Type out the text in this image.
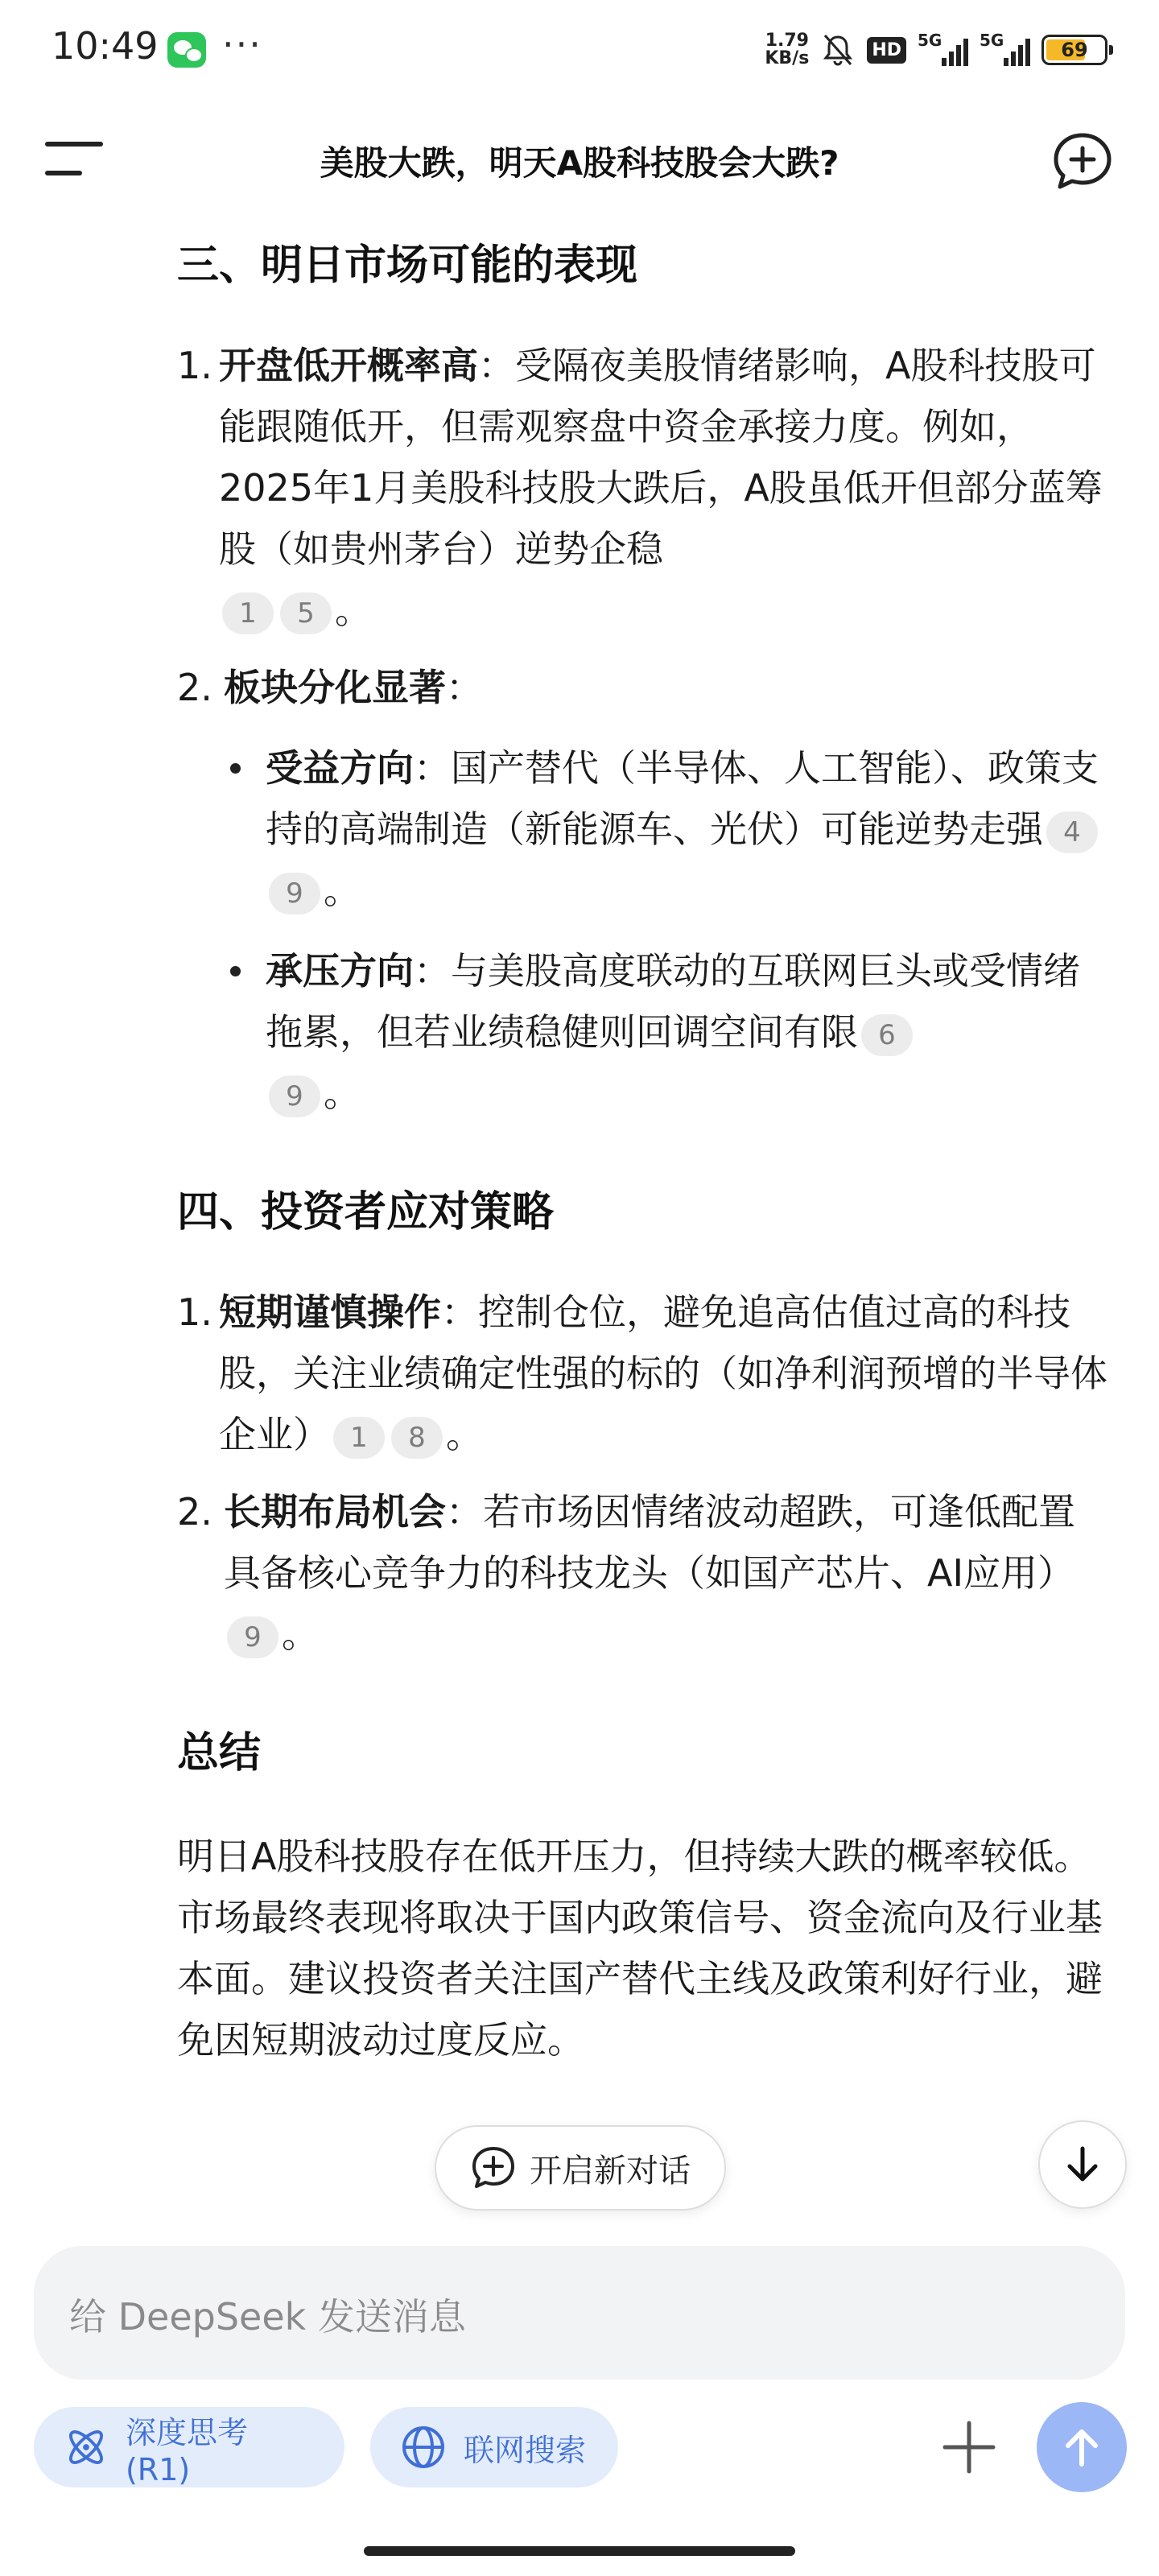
10:49 ···	1.79
KB/s	HD	5G 5G	69
美股大跌，明天A股科技股会大跌?
三、明日市场可能的表现
1. 开盘低开概率高：受隔夜美股情绪影响，A股科技股可能跟随低开，但需观察盘中资金承接力度。例如，2025年1月美股科技股大跌后，A股虽低开但部分蓝筹股（如贵州茅台）逆势企稳
1 5 。
2. 板块分化显著：
受益方向：国产替代（半导体、人工智能）、政策支持的高端制造（新能源车、光伏）可能逆势走强 49 。
承压方向：与美股高度联动的互联网巨头或受情绪拖累，但若业绩稳健则回调空间有限 6
9 。
四、投资者应对策略
1. 短期谨慎操作：控制仓位，避免追高估值过高的科技股，关注业绩确定性强的标的（如净利润预增的半导体企业） 1 8 。
2. 长期布局机会：若市场因情绪波动超跌，可逢低配置具备核心竞争力的科技龙头（如国产芯片、AI应用）9 。
总结
明日A股科技股存在低开压力，但持续大跌的概率较低。市场最终表现将取决于国内政策信号、资金流向及行业基本面。建议投资者关注国产替代主线及政策利好行业，避免因短期波动过度反应。
开启新对话
给 DeepSeek 发送消息
深度思考 (R1)
联网搜索
